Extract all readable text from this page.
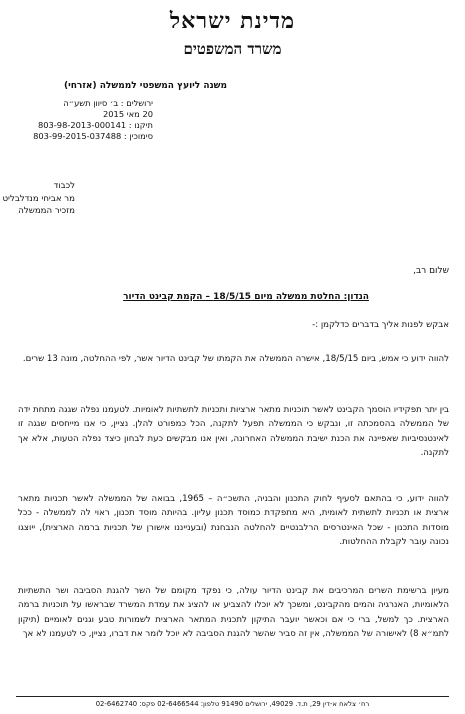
מדינת ישראל
משרד המשפטים
משנה ליועץ המשפטי לממשלה (אזרחי)
ירושלים : ב׳ סיוון תשע״ה
20 מאי 2015
תיקנו : 803-98-2013-000141
סימוכין : 803-99-2015-037488
לכבוד
מר אביחי מנדלבליט
מזכיר הממשלה
שלום רב,
הנדון: החלטת ממשלה מיום 18/5/15 – הקמת קבינט הדיור
אבקש לפנות אליך בדברים כדלקמן :-
להווה ידוע כי אמש, ביום 18/5/15, אישרה הממשלה את הקמתו של קבינט הדיור אשר, לפי ההחלטה, מונה 13 שרים.
בין יתר תפקידיו הוסמך הקבינט לאשר תוכניות מתאר ארציות ותכניות לתשתיות לאומיות. לטעמנו נפלה שגגה מתחת ידה של הממשלה בהסמכתה זו, ונבקש כי הממשלה תפעל לתקנה, הכל כמפורט להלן. נציין, כי אנו מייחסים שגגה זו לאינטנסיביות שאפיינה את הכנת ישיבת הממשלה האחרונה, ואין אנו מבקשים כעת לבחון כיצד נפלה הטעות, אלא אך לתקנה.
להווה ידוע, כי בהתאם לסעיף לחוק התכנון והבניה, התשכ״ה – 1965, בבואה של הממשלה לאשר תכניות מתאר ארצית או תכניות לתשתית לאומית, היא מתפקדת כמוסד תכנון עליון. בהיותה מוסד תכנון, ראוי לה לממשלה - ככל מוסדות התכנון - שכל האינטרסים הרלבנטיים להחלטה הנבחנת (ובענייננו אישורן של תכניות ברמה הארצית), ייוצגו נכונה עובר לקבלת ההחלטות.
מעיון ברשימת השרים המרכיבים את קבינט הדיור עולה, כי נפקד מקומם של השר להגנת הסביבה ושר התשתיות הלאומיות, האנרגיה והמים מהקבינט, ומשכך לא יוכלו להצביע או להציג את עמדת המשרד שבראשו על תוכניות ברמה הארצית. כך למשל, ברי כי אם וכאשר יועבר התיקון לתכנית המתאר הארצית לשמורות טבע וגנים לאומיים (תיקון לתמ״א 8) לאישורה של הממשלה, אין זה סביר שהשר להגנת הסביבה לא יוכל לומר את דברו, נציין, כי לטעמנו לא אך
רח׳ צלאח א-דין 29, ת.ד. 49029, ירושלים 91490 טלפון: 02-6466544 פקס: 02-6462740
